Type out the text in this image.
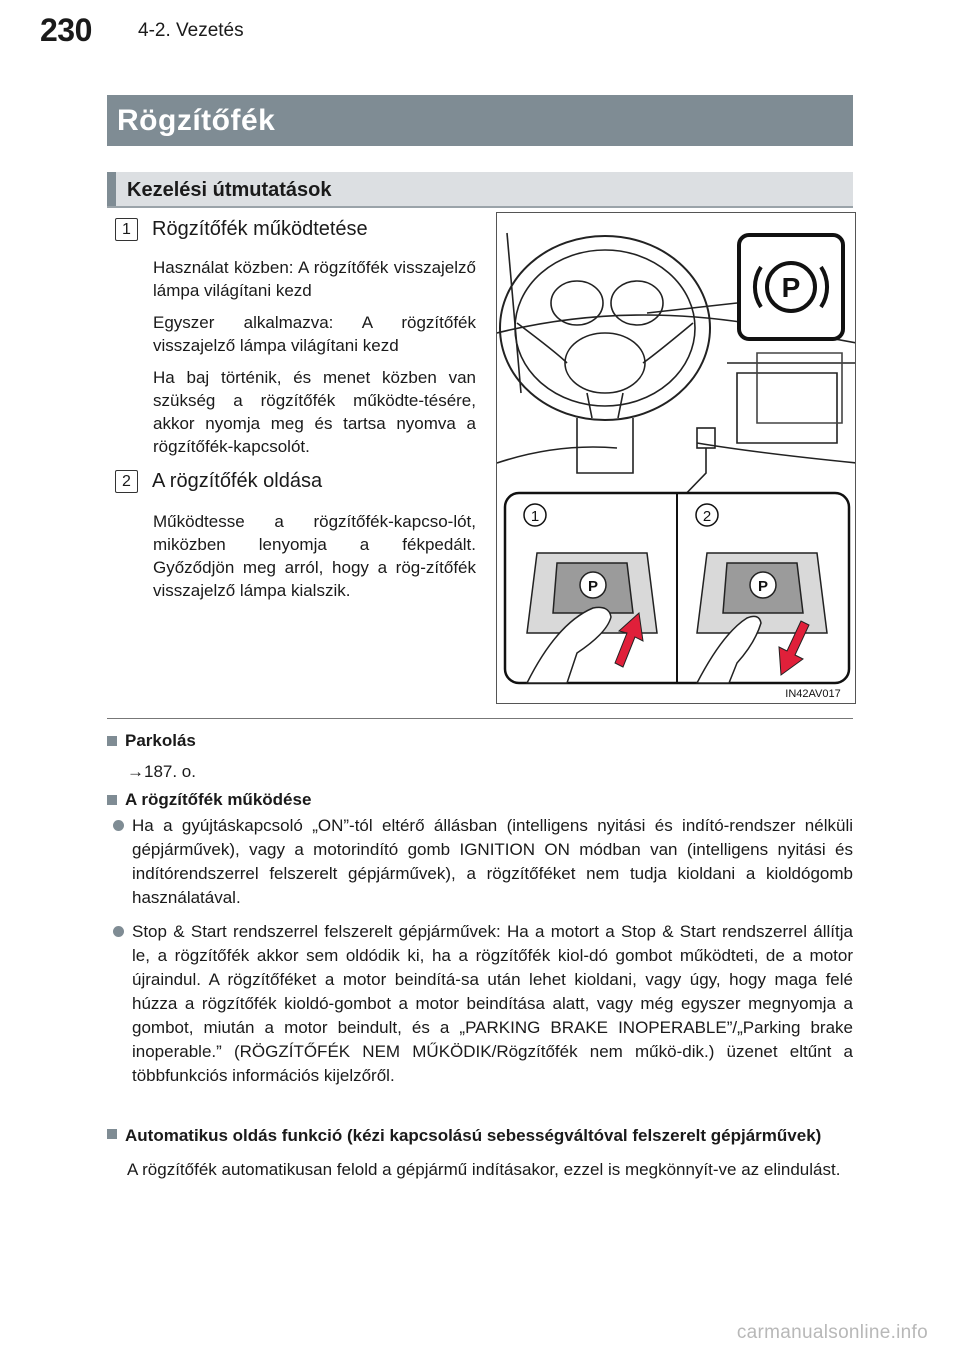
230 4-2. Vezetés
Rögzítőfék
Kezelési útmutatások
1	Rögzítőfék működtetése

Használat közben: A rögzítőfék visszajelző lámpa világítani kezd

Egyszer alkalmazva: A rögzítőfék visszajelző lámpa világítani kezd

Ha baj történik, és menet közben van szükség a rögzítőfék működte-tésére, akkor nyomja meg és tartsa nyomva a rögzítőfék-kapcsolót.

2	A rögzítőfék oldása

Működtesse a rögzítőfék-kapcso-lót, miközben lenyomja a fékpedált. Győződjön meg arról, hogy a rög-zítőfék visszajelző lámpa kialszik.

P
1
P
2
P
IN42AV017
Parkolás
→187. o.
A rögzítőfék működése
Ha a gyújtáskapcsoló „ON”-tól eltérő állásban (intelligens nyitási és indító-rendszer nélküli gépjárművek), vagy a motorindító gomb IGNITION ON módban van (intelligens nyitási és indítórendszerrel felszerelt gépjárművek), a rögzítőféket nem tudja kioldani a kioldógomb használatával.
Stop & Start rendszerrel felszerelt gépjárművek: Ha a motort a Stop & Start rendszerrel állítja le, a rögzítőfék akkor sem oldódik ki, ha a rögzítőfék kiol-dó gombot működteti, de a motor újraindul. A rögzítőféket a motor beindítá-sa után lehet kioldani, vagy úgy, hogy maga felé húzza a rögzítőfék kioldó-gombot a motor beindítása alatt, vagy még egyszer megnyomja a gombot, miután a motor beindult, és a „PARKING BRAKE INOPERABLE”/„Parking brake inoperable.” (RÖGZÍTŐFÉK NEM MŰKÖDIK/Rögzítőfék nem műkö-dik.) üzenet eltűnt a többfunkciós információs kijelzőről.
Automatikus oldás funkció (kézi kapcsolású sebességváltóval felszerelt gépjárművek)
A rögzítőfék automatikusan felold a gépjármű indításakor, ezzel is megkönnyít-ve az elindulást.
carmanualsonline.info
